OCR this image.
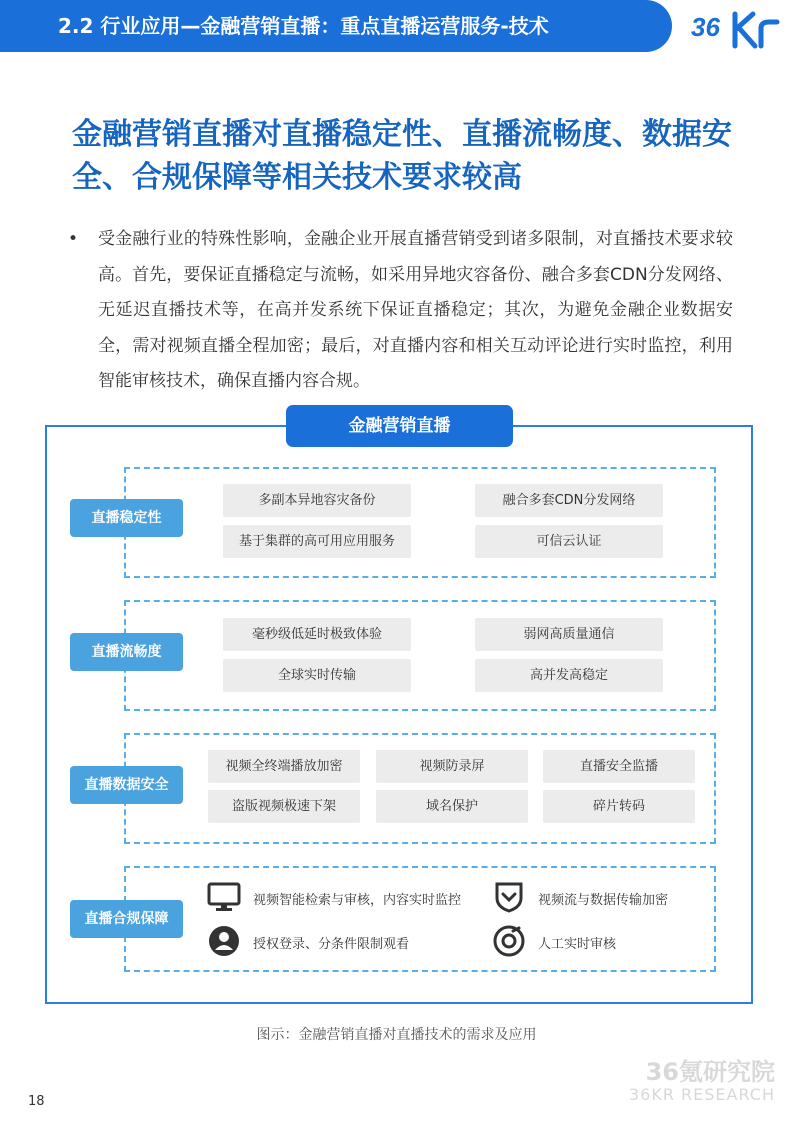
2.2 行业应用—金融营销直播：重点直播运营服务-技术	36
金融营销直播对直播稳定性、直播流畅度、数据安全、合规保障等相关技术要求较高
•	受金融行业的特殊性影响，金融企业开展直播营销受到诸多限制，对直播技术要求较高。首先，要保证直播稳定与流畅，如采用异地灾容备份、融合多套CDN分发网络、无延迟直播技术等，在高并发系统下保证直播稳定；其次，为避免金融企业数据安全，需对视频直播全程加密；最后，对直播内容和相关互动评论进行实时监控，利用智能审核技术，确保直播内容合规。
金融营销直播
直播稳定性
多副本异地容灾备份	融合多套CDN分发网络
基于集群的高可用应用服务	可信云认证
直播流畅度
毫秒级低延时极致体验	弱网高质量通信
全球实时传输	高并发高稳定
直播数据安全
视频全终端播放加密	视频防录屏	直播安全监播
盗版视频极速下架	域名保护	碎片转码
直播合规保障
视频智能检索与审核，内容实时监控	视频流与数据传输加密
授权登录、分条件限制观看	人工实时审核
图示：金融营销直播对直播技术的需求及应用
36氪研究院
36KR RESEARCH
18
